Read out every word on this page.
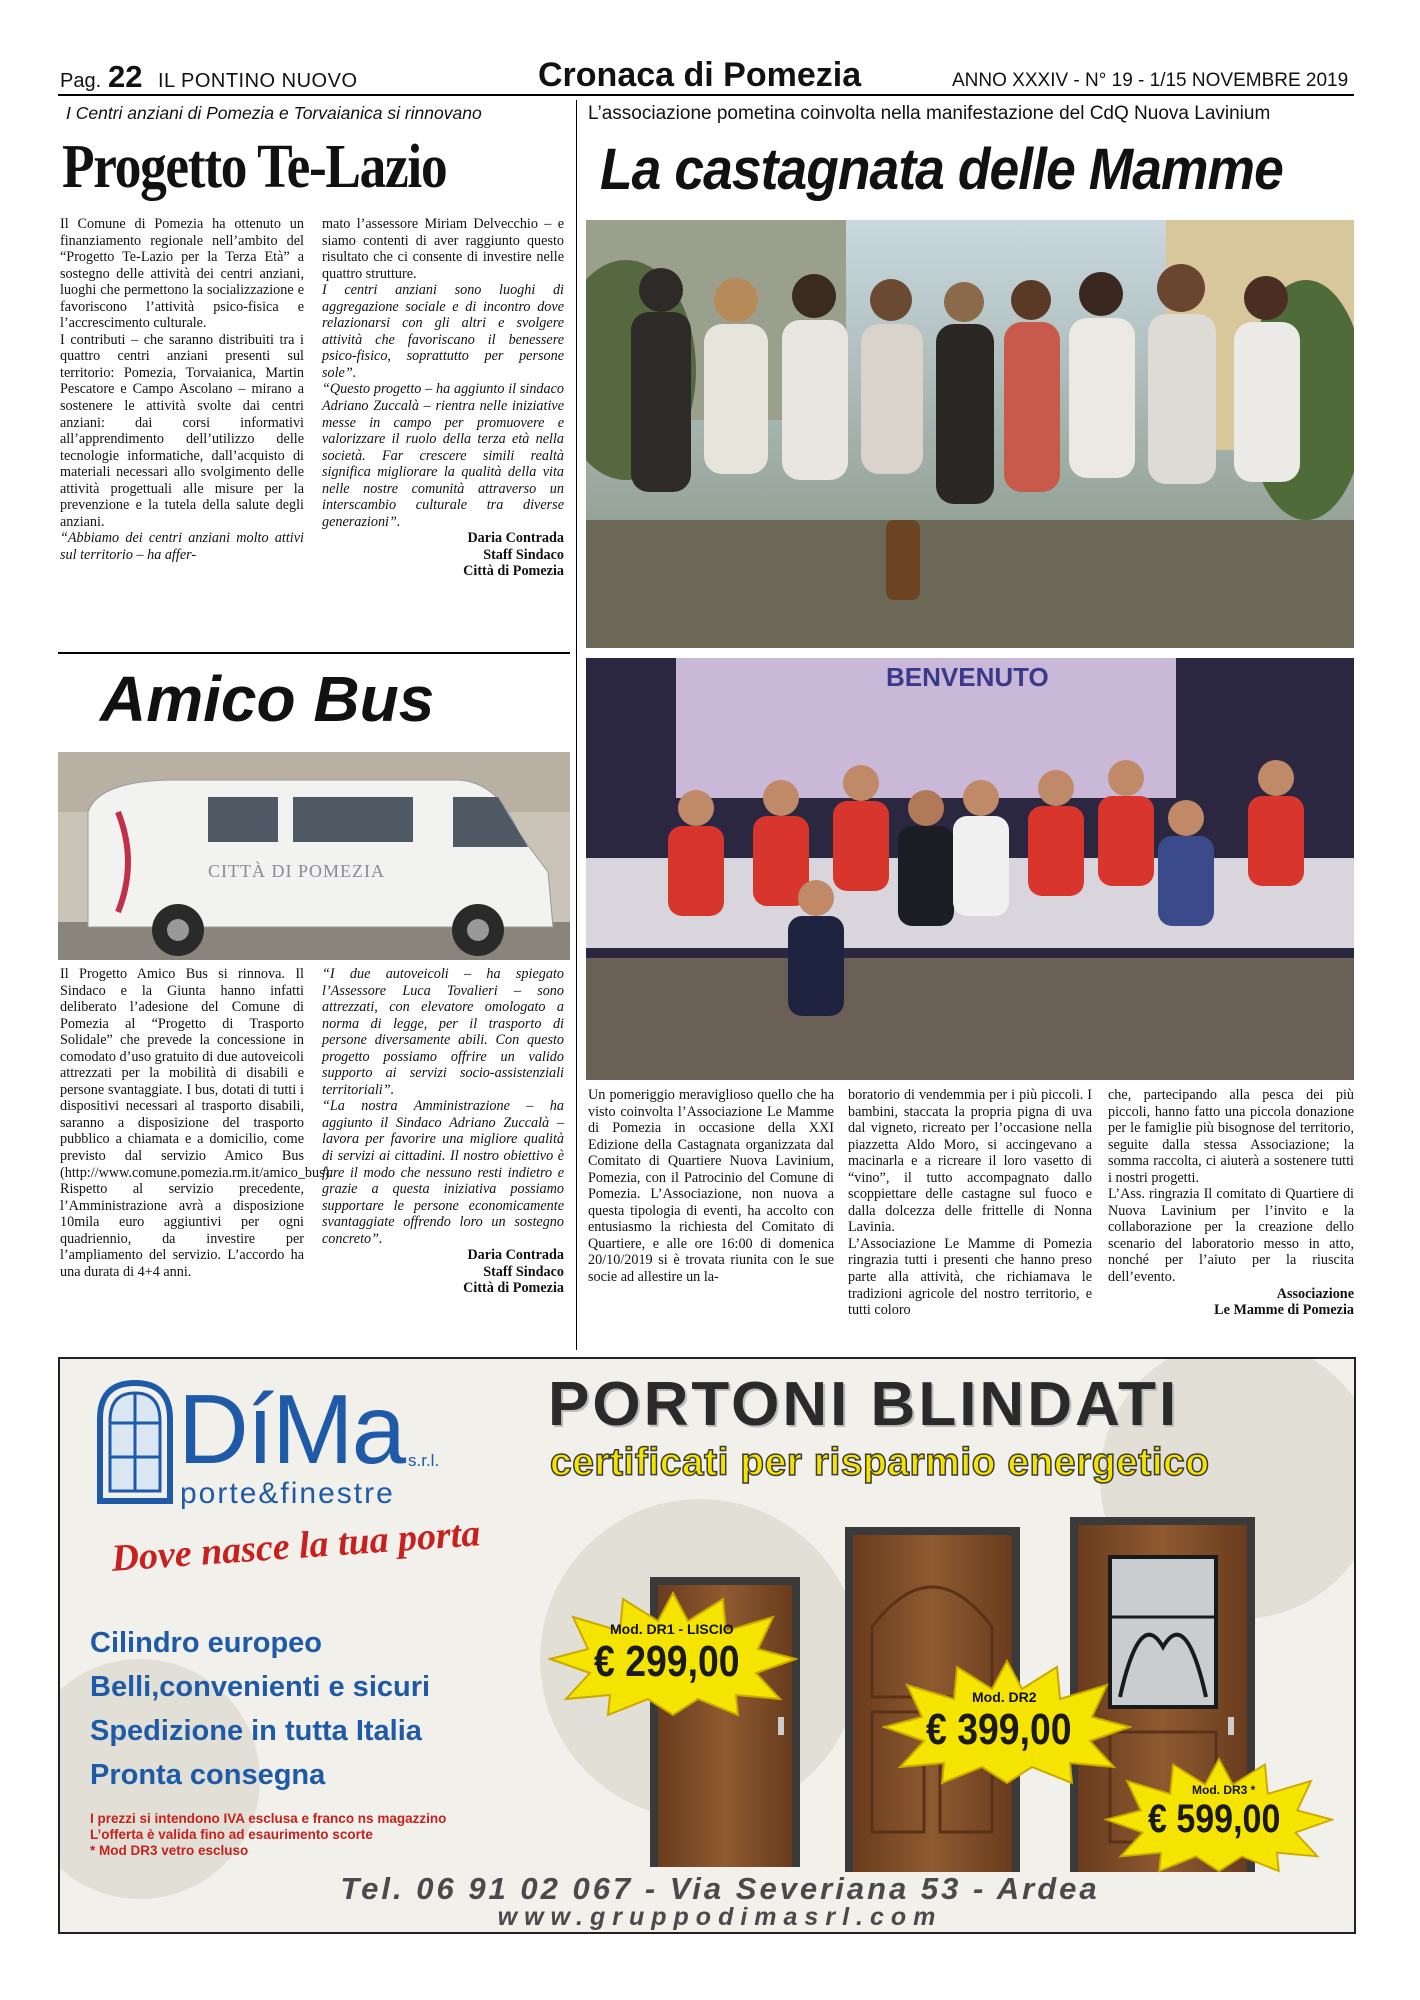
Pag. 22 IL PONTINO NUOVO	Cronaca di Pomezia	ANNO XXXIV - N° 19 - 1/15 NOVEMBRE 2019
I Centri anziani di Pomezia e Torvaianica si rinnovano
Progetto Te-Lazio

Il Comune di Pomezia ha ottenuto un finanziamento regionale nell’ambito del “Progetto Te-Lazio per la Terza Età” a sostegno delle attività dei centri anziani, luoghi che permettono la socializzazione e favoriscono l’attività psico-fisica e l’accrescimento culturale.

I contributi – che saranno distribuiti tra i quattro centri anziani presenti sul territorio: Pomezia, Torvaianica, Martin Pescatore e Campo Ascolano – mirano a sostenere le attività svolte dai centri anziani: dai corsi informativi all’apprendimento dell’utilizzo delle tecnologie informatiche, dall’acquisto di materiali necessari allo svolgimento delle attività progettuali alle misure per la prevenzione e la tutela della salute degli anziani.

“Abbiamo dei centri anziani molto attivi sul territorio – ha affer-

mato l’assessore Miriam Delvecchio – e siamo contenti di aver raggiunto questo risultato che ci consente di investire nelle quattro strutture.

I centri anziani sono luoghi di aggregazione sociale e di incontro dove relazionarsi con gli altri e svolgere attività che favoriscano il benessere psico-fisico, soprattutto per persone sole”.

“Questo progetto – ha aggiunto il sindaco Adriano Zuccalà – rientra nelle iniziative messe in campo per promuovere e valorizzare il ruolo della terza età nella società. Far crescere simili realtà significa migliorare la qualità della vita nelle nostre comunità attraverso un interscambio culturale tra diverse generazioni”.

Daria Contrada
Staff Sindaco
Città di Pomezia
L’associazione pometina coinvolta nella manifestazione del CdQ Nuova Lavinium
La castagnata delle Mamme
BENVENUTO

Un pomeriggio meraviglioso quello che ha visto coinvolta l’Associazione Le Mamme di Pomezia in occasione della XXI Edizione della Castagnata organizzata dal Comitato di Quartiere Nuova Lavinium, Pomezia, con il Patrocinio del Comune di Pomezia. L’Associazione, non nuova a questa tipologia di eventi, ha accolto con entusiasmo la richiesta del Comitato di Quartiere, e alle ore 16:00 di domenica 20/10/2019 si è trovata riunita con le sue socie ad allestire un la-

boratorio di vendemmia per i più piccoli. I bambini, staccata la propria pigna di uva dal vigneto, ricreato per l’occasione nella piazzetta Aldo Moro, si accingevano a macinarla e a ricreare il loro vasetto di “vino”, il tutto accompagnato dallo scoppiettare delle castagne sul fuoco e dalla dolcezza delle frittelle di Nonna Lavinia.

L’Associazione Le Mamme di Pomezia ringrazia tutti i presenti che hanno preso parte alla attività, che richiamava le tradizioni agricole del nostro territorio, e tutti coloro

che, partecipando alla pesca dei più piccoli, hanno fatto una piccola donazione per le famiglie più bisognose del territorio, seguite dalla stessa Associazione; la somma raccolta, ci aiuterà a sostenere tutti i nostri progetti.

L’Ass. ringrazia Il comitato di Quartiere di Nuova Lavinium per l’invito e la collaborazione per la creazione dello scenario del laboratorio messo in atto, nonché per l’aiuto per la riuscita dell’evento.

Associazione
Le Mamme di Pomezia
Amico Bus
CITTÀ DI POMEZIA

Il Progetto Amico Bus si rinnova. Il Sindaco e la Giunta hanno infatti deliberato l’adesione del Comune di Pomezia al “Progetto di Trasporto Solidale” che prevede la concessione in comodato d’uso gratuito di due autoveicoli attrezzati per la mobilità di disabili e persone svantaggiate. I bus, dotati di tutti i dispositivi necessari al trasporto disabili, saranno a disposizione del trasporto pubblico a chiamata e a domicilio, come previsto dal servizio Amico Bus (http://www.comune.pomezia.rm.it/amico_bus). Rispetto al servizio precedente, l’Amministrazione avrà a disposizione 10mila euro aggiuntivi per ogni quadriennio, da investire per l’ampliamento del servizio. L’accordo ha una durata di 4+4 anni.

“I due autoveicoli – ha spiegato l’Assessore Luca Tovalieri – sono attrezzati, con elevatore omologato a norma di legge, per il trasporto di persone diversamente abili. Con questo progetto possiamo offrire un valido supporto ai servizi socio-assistenziali territoriali”.

“La nostra Amministrazione – ha aggiunto il Sindaco Adriano Zuccalà – lavora per favorire una migliore qualità di servizi ai cittadini. Il nostro obiettivo è fare il modo che nessuno resti indietro e grazie a questa iniziativa possiamo supportare le persone economicamente svantaggiate offrendo loro un sostegno concreto”.

Daria Contrada
Staff Sindaco
Città di Pomezia
DíMa s.r.l.
porte&finestre
Dove nasce la tua porta
Cilindro europeo
Belli,convenienti e sicuri
Spedizione in tutta Italia
Pronta consegna
I prezzi si intendono IVA esclusa e franco ns magazzino
L’offerta è valida fino ad esaurimento scorte
* Mod DR3 vetro escluso
PORTONI BLINDATI
certificati per risparmio energetico
Mod. DR1 - LISCIO
€ 299,00
Mod. DR2
€ 399,00
Mod. DR3 *
€ 599,00
Tel. 06 91 02 067 - Via Severiana 53 - Ardea
www.gruppodimasrl.com
